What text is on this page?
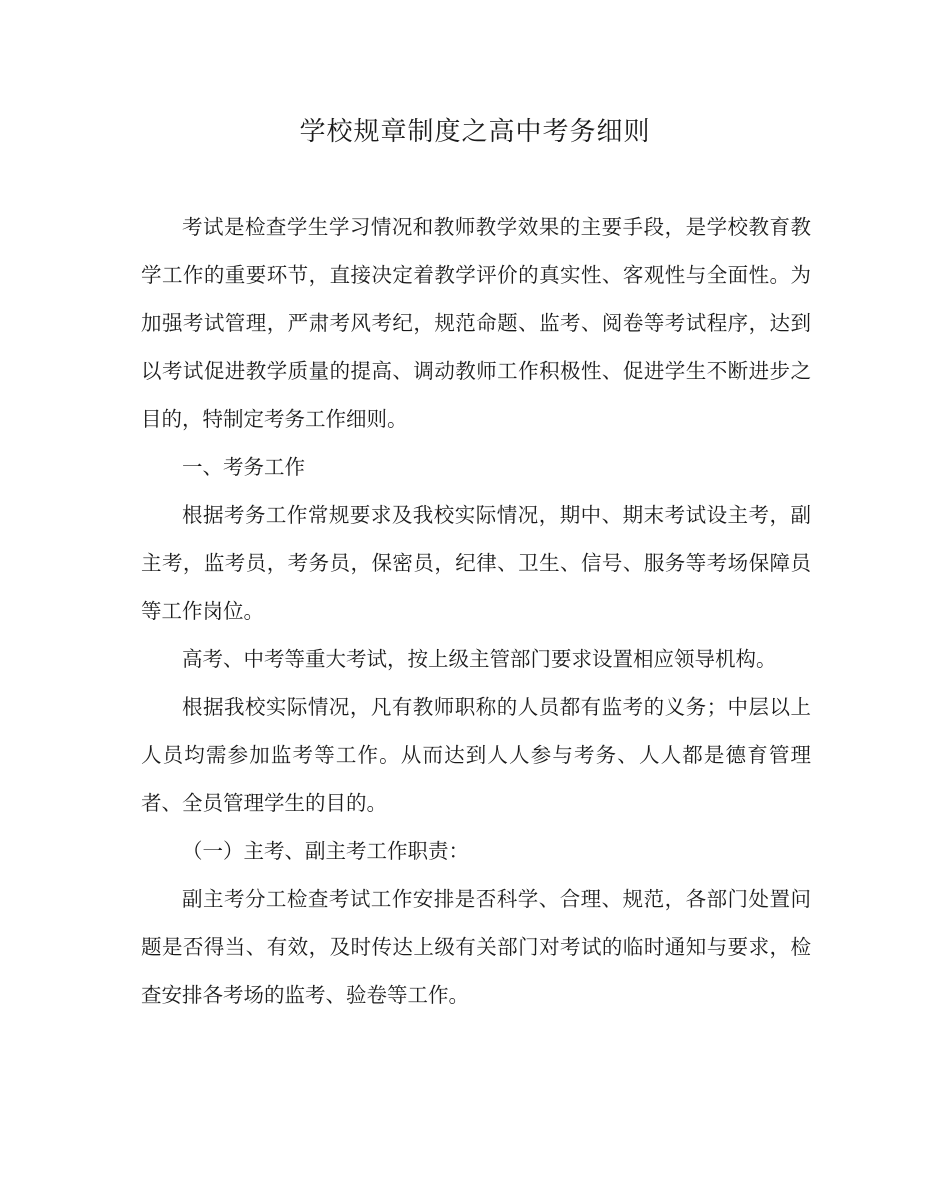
学校规章制度之高中考务细则

考试是检查学生学习情况和教师教学效果的主要手段，是学校教育教学工作的重要环节，直接决定着教学评价的真实性、客观性与全面性。为加强考试管理，严肃考风考纪，规范命题、监考、阅卷等考试程序，达到以考试促进教学质量的提高、调动教师工作积极性、促进学生不断进步之目的，特制定考务工作细则。

一、考务工作

根据考务工作常规要求及我校实际情况，期中、期末考试设主考，副主考，监考员，考务员，保密员，纪律、卫生、信号、服务等考场保障员等工作岗位。

高考、中考等重大考试，按上级主管部门要求设置相应领导机构。

根据我校实际情况，凡有教师职称的人员都有监考的义务；中层以上人员均需参加监考等工作。从而达到人人参与考务、人人都是德育管理者、全员管理学生的目的。

（一）主考、副主考工作职责：

副主考分工检查考试工作安排是否科学、合理、规范，各部门处置问题是否得当、有效，及时传达上级有关部门对考试的临时通知与要求，检查安排各考场的监考、验卷等工作。
